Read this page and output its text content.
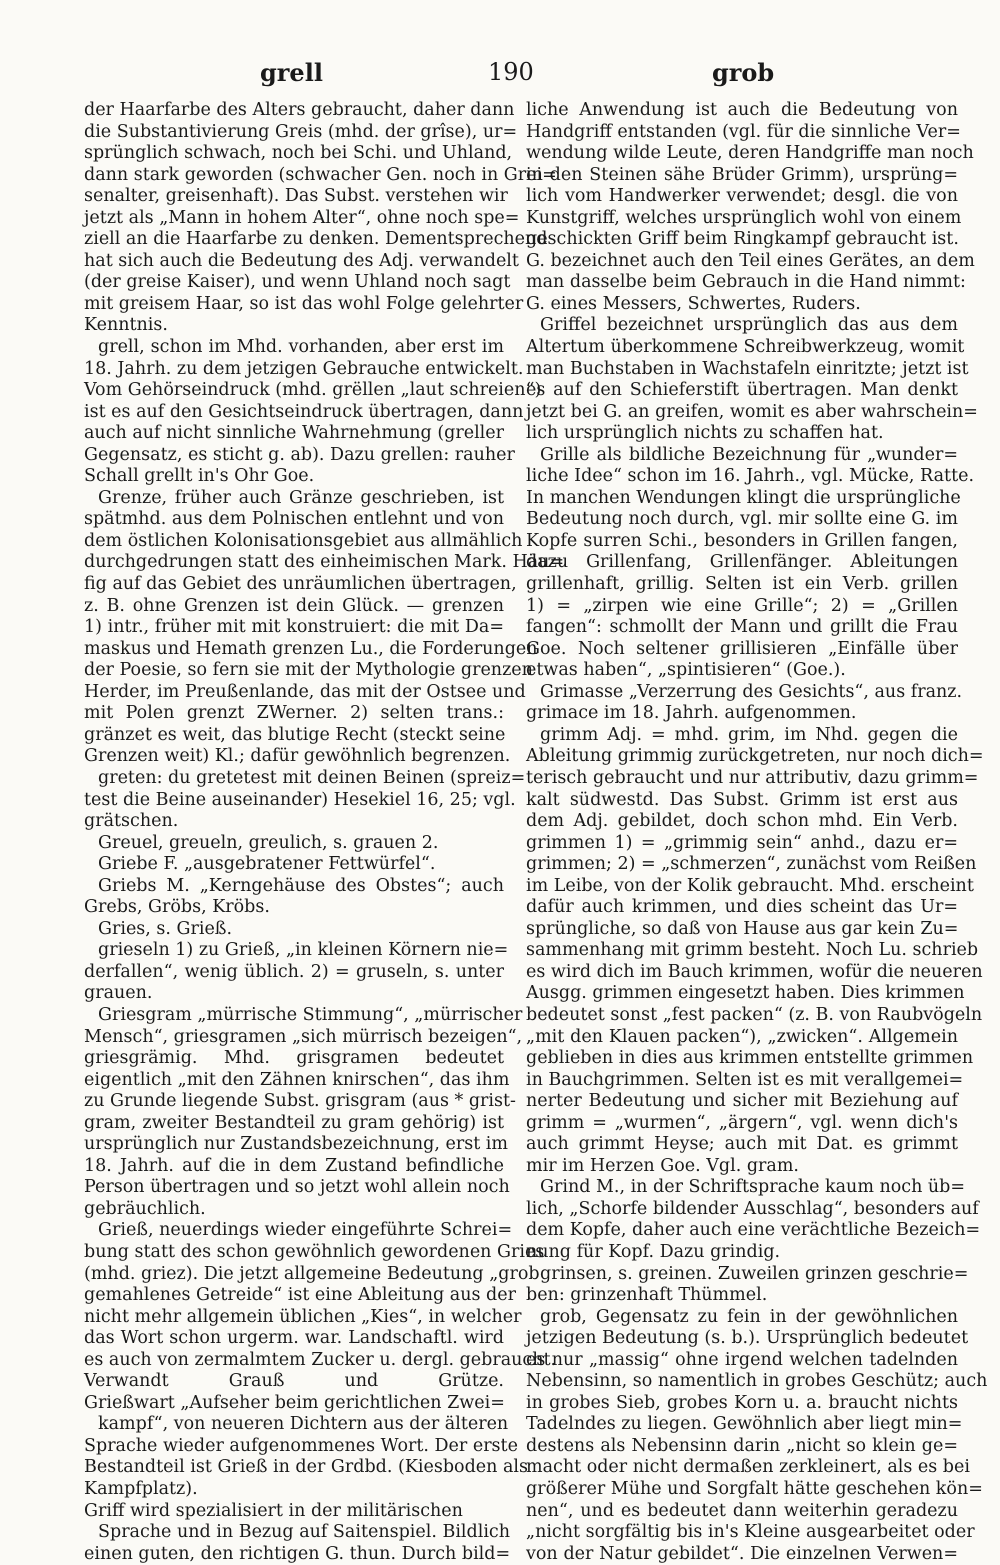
grell	190	grob
der Haarfarbe des Alters gebraucht, daher dann
die Substantivierung Greis (mhd. der grîse), ur=
sprünglich schwach, noch bei Schi. und Uhland,
dann stark geworden (schwacher Gen. noch in Grei=
senalter, greisenhaft). Das Subst. verstehen wir
jetzt als „Mann in hohem Alter“, ohne noch spe=
ziell an die Haarfarbe zu denken. Dementsprechend
hat sich auch die Bedeutung des Adj. verwandelt
(der greise Kaiser), und wenn Uhland noch sagt
mit greisem Haar, so ist das wohl Folge gelehrter
Kenntnis.
grell, schon im Mhd. vorhanden, aber erst im
18. Jahrh. zu dem jetzigen Gebrauche entwickelt.
Vom Gehörseindruck (mhd. grëllen „laut schreien“)
ist es auf den Gesichtseindruck übertragen, dann
auch auf nicht sinnliche Wahrnehmung (greller
Gegensatz, es sticht g. ab). Dazu grellen: rauher
Schall grellt in's Ohr Goe.
Grenze, früher auch Gränze geschrieben, ist
spätmhd. aus dem Polnischen entlehnt und von
dem östlichen Kolonisationsgebiet aus allmählich
durchgedrungen statt des einheimischen Mark. Häu=
fig auf das Gebiet des unräumlichen übertragen,
z. B. ohne Grenzen ist dein Glück. — grenzen
1) intr., früher mit mit konstruiert: die mit Da=
maskus und Hemath grenzen Lu., die Forderungen
der Poesie, so fern sie mit der Mythologie grenzen
Herder, im Preußenlande, das mit der Ostsee und
mit Polen grenzt ZWerner. 2) selten trans.:
gränzet es weit, das blutige Recht (steckt seine
Grenzen weit) Kl.; dafür gewöhnlich begrenzen.
greten: du gretetest mit deinen Beinen (spreiz=
test die Beine auseinander) Hesekiel 16, 25; vgl.
grätschen.
Greuel, greueln, greulich, s. grauen 2.
Griebe F. „ausgebratener Fettwürfel“.
Griebs M. „Kerngehäuse des Obstes“; auch
Grebs, Gröbs, Kröbs.
Gries, s. Grieß.
grieseln 1) zu Grieß, „in kleinen Körnern nie=
derfallen“, wenig üblich. 2) = gruseln, s. unter
grauen.
Griesgram „mürrische Stimmung“, „mürrischer
Mensch“, griesgramen „sich mürrisch bezeigen“,
griesgrämig. Mhd. grisgramen bedeutet
eigentlich „mit den Zähnen knirschen“, das ihm
zu Grunde liegende Subst. grisgram (aus * grist-
gram, zweiter Bestandteil zu gram gehörig) ist
ursprünglich nur Zustandsbezeichnung, erst im
18. Jahrh. auf die in dem Zustand befindliche
Person übertragen und so jetzt wohl allein noch
gebräuchlich.
Grieß, neuerdings wieder eingeführte Schrei=
bung statt des schon gewöhnlich gewordenen Gries
(mhd. griez). Die jetzt allgemeine Bedeutung „grob
gemahlenes Getreide“ ist eine Ableitung aus der
nicht mehr allgemein üblichen „Kies“, in welcher
das Wort schon urgerm. war. Landschaftl. wird
es auch von zermalmtem Zucker u. dergl. gebraucht.
Verwandt Grauß und Grütze.
Grießwart „Aufseher beim gerichtlichen Zwei=
kampf“, von neueren Dichtern aus der älteren
Sprache wieder aufgenommenes Wort. Der erste
Bestandteil ist Grieß in der Grdbd. (Kiesboden als
Kampfplatz).
Griff wird spezialisiert in der militärischen
Sprache und in Bezug auf Saitenspiel. Bildlich
einen guten, den richtigen G. thun. Durch bild=
liche Anwendung ist auch die Bedeutung von
Handgriff entstanden (vgl. für die sinnliche Ver=
wendung wilde Leute, deren Handgriffe man noch
in den Steinen sähe Brüder Grimm), ursprüng=
lich vom Handwerker verwendet; desgl. die von
Kunstgriff, welches ursprünglich wohl von einem
geschickten Griff beim Ringkampf gebraucht ist.
G. bezeichnet auch den Teil eines Gerätes, an dem
man dasselbe beim Gebrauch in die Hand nimmt:
G. eines Messers, Schwertes, Ruders.
Griffel bezeichnet ursprünglich das aus dem
Altertum überkommene Schreibwerkzeug, womit
man Buchstaben in Wachstafeln einritzte; jetzt ist
es auf den Schieferstift übertragen. Man denkt
jetzt bei G. an greifen, womit es aber wahrschein=
lich ursprünglich nichts zu schaffen hat.
Grille als bildliche Bezeichnung für „wunder=
liche Idee“ schon im 16. Jahrh., vgl. Mücke, Ratte.
In manchen Wendungen klingt die ursprüngliche
Bedeutung noch durch, vgl. mir sollte eine G. im
Kopfe surren Schi., besonders in Grillen fangen,
dazu Grillenfang, Grillenfänger. Ableitungen
grillenhaft, grillig. Selten ist ein Verb. grillen
1) = „zirpen wie eine Grille“; 2) = „Grillen
fangen“: schmollt der Mann und grillt die Frau
Goe. Noch seltener grillisieren „Einfälle über
etwas haben“, „spintisieren“ (Goe.).
Grimasse „Verzerrung des Gesichts“, aus franz.
grimace im 18. Jahrh. aufgenommen.
grimm Adj. = mhd. grim, im Nhd. gegen die
Ableitung grimmig zurückgetreten, nur noch dich=
terisch gebraucht und nur attributiv, dazu grimm=
kalt südwestd. Das Subst. Grimm ist erst aus
dem Adj. gebildet, doch schon mhd. Ein Verb.
grimmen 1) = „grimmig sein“ anhd., dazu er=
grimmen; 2) = „schmerzen“, zunächst vom Reißen
im Leibe, von der Kolik gebraucht. Mhd. erscheint
dafür auch krimmen, und dies scheint das Ur=
sprüngliche, so daß von Hause aus gar kein Zu=
sammenhang mit grimm besteht. Noch Lu. schrieb
es wird dich im Bauch krimmen, wofür die neueren
Ausgg. grimmen eingesetzt haben. Dies krimmen
bedeutet sonst „fest packen“ (z. B. von Raubvögeln
„mit den Klauen packen“), „zwicken“. Allgemein
geblieben in dies aus krimmen entstellte grimmen
in Bauchgrimmen. Selten ist es mit verallgemei=
nerter Bedeutung und sicher mit Beziehung auf
grimm = „wurmen“, „ärgern“, vgl. wenn dich's
auch grimmt Heyse; auch mit Dat. es grimmt
mir im Herzen Goe. Vgl. gram.
Grind M., in der Schriftsprache kaum noch üb=
lich, „Schorfe bildender Ausschlag“, besonders auf
dem Kopfe, daher auch eine verächtliche Bezeich=
nung für Kopf. Dazu grindig.
grinsen, s. greinen. Zuweilen grinzen geschrie=
ben: grinzenhaft Thümmel.
grob, Gegensatz zu fein in der gewöhnlichen
jetzigen Bedeutung (s. b.). Ursprünglich bedeutet
es nur „massig“ ohne irgend welchen tadelnden
Nebensinn, so namentlich in grobes Geschütz; auch
in grobes Sieb, grobes Korn u. a. braucht nichts
Tadelndes zu liegen. Gewöhnlich aber liegt min=
destens als Nebensinn darin „nicht so klein ge=
macht oder nicht dermaßen zerkleinert, als es bei
größerer Mühe und Sorgfalt hätte geschehen kön=
nen“, und es bedeutet dann weiterhin geradezu
„nicht sorgfältig bis in's Kleine ausgearbeitet oder
von der Natur gebildet“. Die einzelnen Verwen=
